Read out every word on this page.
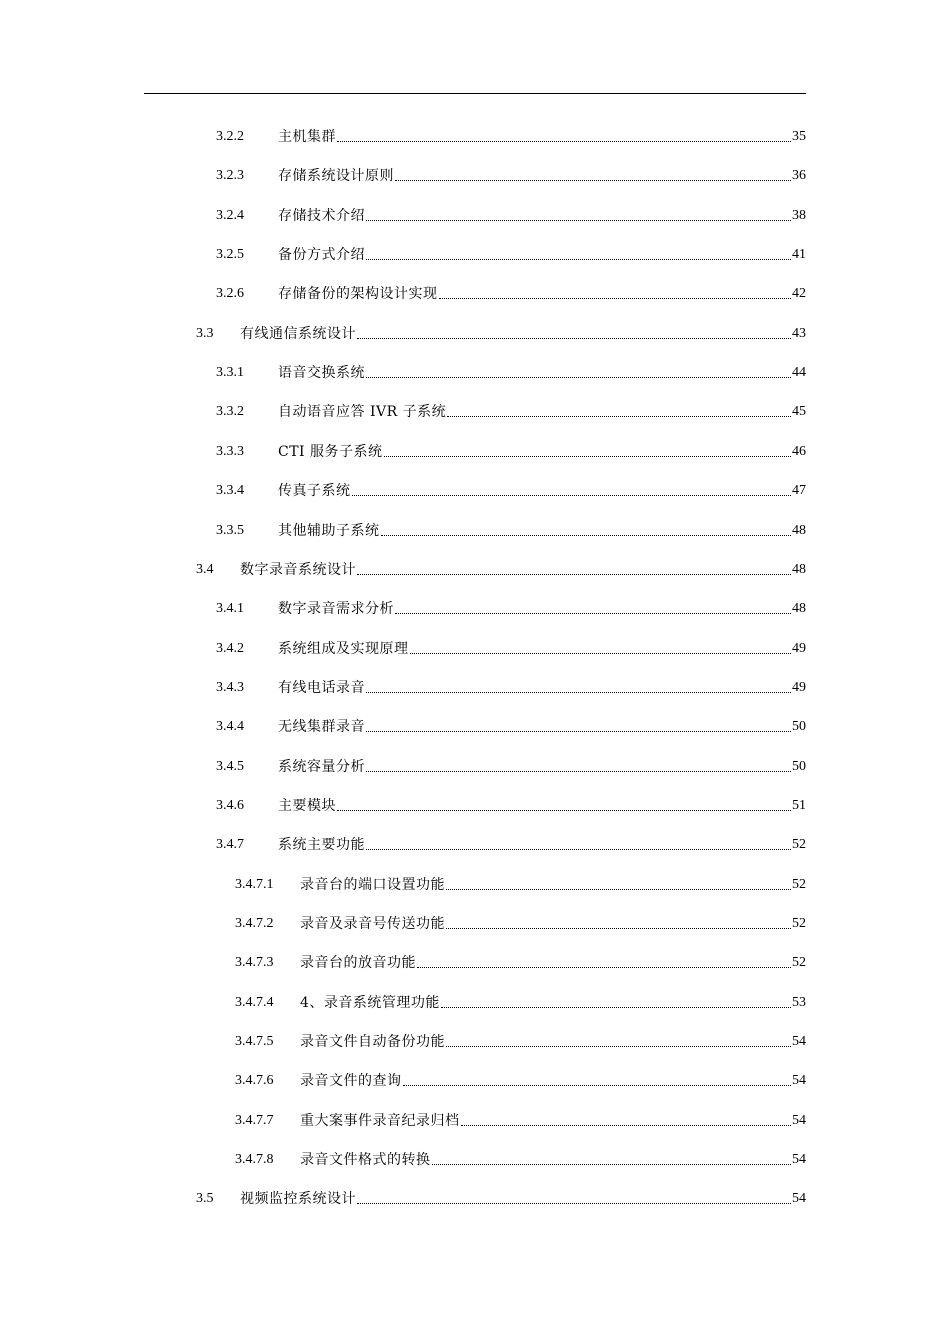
3.2.2	主机集群	35
3.2.3	存储系统设计原则	36
3.2.4	存储技术介绍	38
3.2.5	备份方式介绍	41
3.2.6	存储备份的架构设计实现	42
3.3	有线通信系统设计	43
3.3.1	语音交换系统	44
3.3.2	自动语音应答 IVR 子系统	45
3.3.3	CTI 服务子系统	46
3.3.4	传真子系统	47
3.3.5	其他辅助子系统	48
3.4	数字录音系统设计	48
3.4.1	数字录音需求分析	48
3.4.2	系统组成及实现原理	49
3.4.3	有线电话录音	49
3.4.4	无线集群录音	50
3.4.5	系统容量分析	50
3.4.6	主要模块	51
3.4.7	系统主要功能	52
3.4.7.1	录音台的端口设置功能	52
3.4.7.2	录音及录音号传送功能	52
3.4.7.3	录音台的放音功能	52
3.4.7.4	4、录音系统管理功能	53
3.4.7.5	录音文件自动备份功能	54
3.4.7.6	录音文件的查询	54
3.4.7.7	重大案事件录音纪录归档	54
3.4.7.8	录音文件格式的转换	54
3.5	视频监控系统设计	54
